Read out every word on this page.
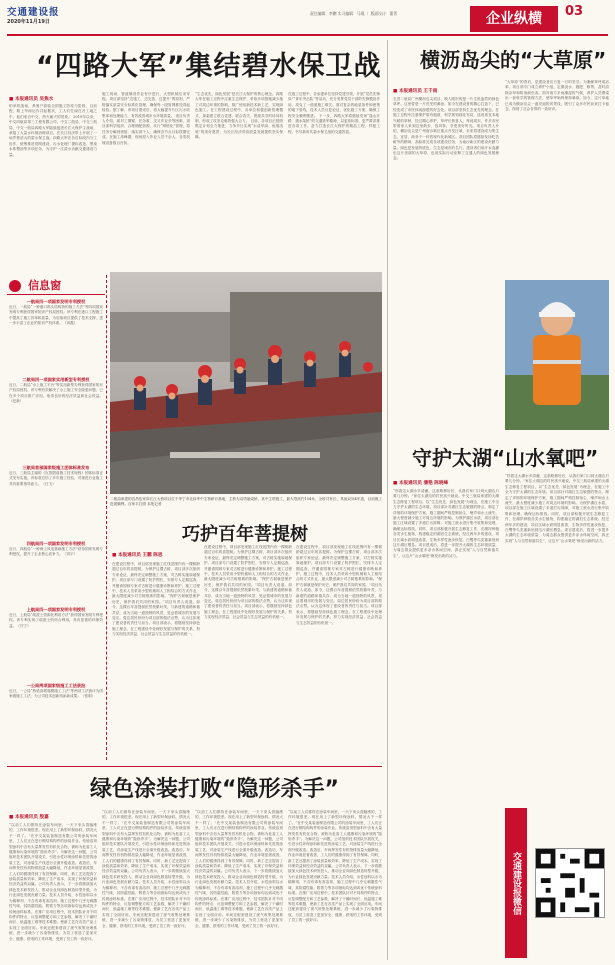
交通建设报
2020年11月19日
责任编辑：李鹏 实习编辑：马琨 ｜ 版面设计：董菁	企业纵横	03
“四路大军”集结碧水保卫战
■ 本报通讯员 吴焦水
柏举的战场，养殖户面临全国施工防疫与阶段，目前程，路上车间运作井起据状，工人们忙碌在各工地之中，他们来自中交，热火朝天的景象。 2019年以来，中交四航局第三工程有限公司、中交二航局、中交三航局、中交一航局四路大军陆续挺进长江大保护主战场，承接了大量水环境治理项目，在长江经济带上开展了一场声势浩大的碧水保卫战。四路大军在各自标段内分工协作，统筹推进管网建设、污水处理厂提标改造、黑臭水体整治等多项任务，为守护一江清水贡献交通建设力量。
施工现场，管道铺设作业有序进行，大型机械往来穿梭。项目部坚持“边施工、边完善、边提升”的原则，严格落实质量安全标准化管理，确保每一段管网都经得起检验。据了解，该项目建成后，将大幅提升片区污水收集率和处理能力，有效改善城市水环境质量。 项目负责人介绍，面对工期紧、任务重、交叉作业多等困难，项目部科学组织、合理调配资源，实行“网格化”管理，将任务分解到班组、落实到个人，确保各节点目标按期完成。在施工高峰期，现场投入作业人员千余人，各类机械设备数百台套。
“生态优先、绿色发展”是长江大保护的核心理念。四路大军在施工过程中注重生态保护，采取多项措施减少施工对周边环境的影响，推广使用新技术新工艺，实现绿色施工。在工程建设过程中，各单位积极创新管理模式，探索建立联合党建、联合攻关、资源共享的协同机制，形成了攻坚克难的强大合力。 目前，各项目正按照既定计划全力推进，力争早日实现“水清岸绿、鱼翔浅底”的美好愿景，为长江经济带高质量发展提供坚实保障。
在施工过程中，各参建单位坚持党建引领，开展“党员先锋岗”“青年突击队”等活动，充分发挥党员干部的先锋模范作用，攻克了一道道施工难关。面对复杂的地质条件和密集的地下管线，技术人员反复论证，优化施工方案，确保工程安全顺利推进。 下一步，四路大军将继续发扬“逢山开路、遇水架桥”的交通铁军精神，以更高标准、更严要求推进各项工作，奋力打造长江大保护的精品工程、样板工程，书写新时代碧水保卫战的交通答卷。
$^{信息窗}$
一航局四一项国家发明专利授权
近日，一航局“一种港口码头结构物的施工方法”等四项国家发明专利获得国家知识产权局授权。该专利在港口工程施工中提高了施工效率和质量，为后续项目提供了技术支撑，进一步丰富了企业的知识产权体系。（刘磊）
二航局四一项国家实用新型专利授权
近日，二航局“水上施工平台”等实用新型专利获得国家知识产权局授权。该专利有效解决了水上施工安全隐患问题，已在多个项目推广应用，取得良好的经济效益和社会效益。（纪新）
三航局首部国家级施工团体标准发布
近日，三航局主编的《沉管隧道施工技术规程》团体标准正式发布实施。该标准总结了多年施工经验，对规范行业施工具有重要指导意义。（汪飞）
四航局四一项国家发明专利授权
近日，四航局“一种海上风电基础施工方法”获得国家发明专利授权，提升了企业核心竞争力。（刘宇）
上航局四一项国家发明专利授权
近日，上航局“疏浚土资源化利用方法”获得国家发明专利授权。该专利实现了疏浚土的综合利用，具有显著的环保效益。（吕宁）
一公局两项国家级施工工法获批
近日，一公局“桥梁高墩爬模施工工法”等两项工法被评为国家级施工工法，为公司技术创新再添新成果。（张明）
二航局承建的宜昌伍家岗长江大桥项目位于华宁市北纬华中生物研讨基地，主桥为双塔悬索桥，其中主塔施工，最大塔高约154米，全桥共有长，具备双向4车道，目前施工进展顺利。百家丰打照 本报记者
巧护百年菩提树
■ 本报通讯员 王鹏 陈思
在建设过程中，项目部发现施工红线范围内有一棵树龄超过百年的菩提树。为保护这棵古树，项目部多次组织专家论证，最终决定调整施工方案，对古树实施原地保护。项目部专门设置了防护围栏，安排专人定期巡查，并邀请园林专家对古树进行健康诊断和养护。施工过程中，技术人员采用小型机械和人工相结合的方式作业，最大限度减少对古树根系的影响。“保护古树就是保护历史，保护我们共同的家园。”项目负责人说道。如今，这棵百年菩提树依然枝繁叶茂，与新建的道路和谐共存，成为当地一道独特的风景，见证着城市的发展与变迁。周边居民纷纷为项目部的做法点赞，认为这体现了建设者的责任与担当。项目部表示，将继续坚持绿色施工理念，在工程建设中处理好发展与保护的关系，努力实现经济效益、社会效益与生态效益的有机统一。
在建设过程中，项目部发现施工红线范围内有一棵树龄超过百年的菩提树。为保护这棵古树，项目部多次组织专家论证，最终决定调整施工方案，对古树实施原地保护。项目部专门设置了防护围栏，安排专人定期巡查，并邀请园林专家对古树进行健康诊断和养护。施工过程中，技术人员采用小型机械和人工相结合的方式作业，最大限度减少对古树根系的影响。“保护古树就是保护历史，保护我们共同的家园。”项目负责人说道。如今，这棵百年菩提树依然枝繁叶茂，与新建的道路和谐共存，成为当地一道独特的风景，见证着城市的发展与变迁。周边居民纷纷为项目部的做法点赞，认为这体现了建设者的责任与担当。项目部表示，将继续坚持绿色施工理念，在工程建设中处理好发展与保护的关系，努力实现经济效益、社会效益与生态效益的有机统一。
在建设过程中，项目部发现施工红线范围内有一棵树龄超过百年的菩提树。为保护这棵古树，项目部多次组织专家论证，最终决定调整施工方案，对古树实施原地保护。项目部专门设置了防护围栏，安排专人定期巡查，并邀请园林专家对古树进行健康诊断和养护。施工过程中，技术人员采用小型机械和人工相结合的方式作业，最大限度减少对古树根系的影响。“保护古树就是保护历史，保护我们共同的家园。”项目负责人说道。如今，这棵百年菩提树依然枝繁叶茂，与新建的道路和谐共存，成为当地一道独特的风景，见证着城市的发展与变迁。周边居民纷纷为项目部的做法点赞，认为这体现了建设者的责任与担当。项目部表示，将继续坚持绿色施工理念，在工程建设中处理好发展与保护的关系，努力实现经济效益、社会效益与生态效益的有机统一。
横沥岛尖的“大草原”
■ 本报通讯员 王千雨
走进二航局广州横沥岛尖项目，映入眼帘的是一片生机盎然的绿色草坪。这里曾是一片荒芜的滩涂，如今在建设者的精心打造下，已经变成了市民休闲游憩的好去处。项目部坚持生态优先的理念，在施工过程中注重保护原有植被，科学规划绿化布局，选用适宜本地气候的草种，经过精心养护，草坪长势喜人。每到周末，许多市民带着家人来到这里散步、放风筝，享受美好时光。项目负责人介绍，横沥岛尖是广州南沙新区重点开发区域，未来将建设成为集生态、宜居、商务于一体的现代化新城区。项目团队将继续发扬吃苦耐劳的精神，高标准完成各项建设任务，为南沙新区的建设贡献力量。绿色是发展的底色，生态是城市的名片。建设者们用汗水浇灌出这片美丽的大草原，也用实际行动诠释了交通人的绿色发展理念。
“大草原”的背后，是建设者们日复一日的坚守。为确保草坪成活率，项目部专门成立养护小组，定期浇水、施肥、修剪，及时清除杂草和防治病虫害。面对南方多雨潮湿的气候，养护人员摸索出一套科学的管理方法，使草坪始终保持翠绿。如今，这片草地已成为横沥岛尖一道亮丽的风景线，吸引了众多市民前来打卡留念，得到了社会各界的一致好评。
守护太湖“山水氧吧”
■ 本报通讯员 潘艳 陈晓峰
“你看这太湖水多清澈，这条路修好后，从我们家门口到太湖边只要几分钟。”家住太湖边的村民高兴地说。中交三航局承建的太湖生态修复工程项目，以“生态优先、绿色发展”为理念，在施工中全力守护太湖的生态环境。项目部针对湖区生态敏感的特点，制定了详细的环境保护方案，施工期间严格控制扬尘、噪声和水土流失，最大程度减少施工对周边环境的影响。为保护湖区水质，项目部在施工区域设置了多道拦污屏障，对施工废水进行集中收集和处理，确保达标排放。同时，项目部积极开展生态修复工作，在湖岸种植各类水生植物，构建稳定的湖泊生态系统。经过两年多的建设，项目区域水质明显改善，生物多样性逐步恢复，白鹭等鸟类重新回到这片湖区栖息。项目建成后，将进一步提升太湖的生态环境质量，为周边群众提供更多亲水休闲空间，真正实现“人与自然和谐共生”，让这片“山水氧吧”焕发出新的活力。
“你看这太湖水多清澈，这条路修好后，从我们家门口到太湖边只要几分钟。”家住太湖边的村民高兴地说。中交三航局承建的太湖生态修复工程项目，以“生态优先、绿色发展”为理念，在施工中全力守护太湖的生态环境。项目部针对湖区生态敏感的特点，制定了详细的环境保护方案，施工期间严格控制扬尘、噪声和水土流失，最大程度减少施工对周边环境的影响。为保护湖区水质，项目部在施工区域设置了多道拦污屏障，对施工废水进行集中收集和处理，确保达标排放。同时，项目部积极开展生态修复工作，在湖岸种植各类水生植物，构建稳定的湖泊生态系统。经过两年多的建设，项目区域水质明显改善，生物多样性逐步恢复，白鹭等鸟类重新回到这片湖区栖息。项目建成后，将进一步提升太湖的生态环境质量，为周边群众提供更多亲水休闲空间，真正实现“人与自然和谐共生”，让这片“山水氧吧”焕发出新的活力。
交通建设报微信
绿色涂装打败“隐形杀手”
■ 本报通讯员 殷嘉
“以前工人们都待在涂装车间里，一天下来头昏脑涨的，工作环境很差。现在用上了新型环保涂料，情况大不一样了。”在中交某装备制造有限公司的涂装车间里，工人们正在进行钢结构构件的涂装作业。传统溶剂型涂料中含有大量挥发性有机化合物，被称为危害工人健康和污染环境的“隐形杀手”。为解决这一问题，公司组织技术团队开展攻关，引进水性环保涂料和先进的涂装工艺，对涂装生产线进行全面升级改造。改造后，车间挥发性有机物排放量大幅降低，作业环境显著改善，工人们的健康得到了有效保障。同时，新工艺还提高了涂装质量和效率，降低了生产成本，实现了环保效益和经济效益的双赢。公司负责人表示，下一步将继续加大绿色技术研发投入，推动企业向绿色制造转型升级，为行业绿色发展贡献力量。技术人员介绍，水性涂料以水为稀释剂，不含有毒有害溶剂，施工过程中几乎无刺激性气味，其防腐性能、附着力等各项指标均达到或优于传统涂料标准。在推广应用过程中，技术团队针对不同构件的特点，反复调整配方和工艺参数，解决了干燥时间长、低温施工难等技术难题，使新工艺在各类产品上实现了全面应用。车间还配套建设了废气收集处理系统，进一步减少了污染物排放，为员工营造了更加安全、健康、舒适的工作环境，受到了员工的一致好评。
“以前工人们都待在涂装车间里，一天下来头昏脑涨的，工作环境很差。现在用上了新型环保涂料，情况大不一样了。”在中交某装备制造有限公司的涂装车间里，工人们正在进行钢结构构件的涂装作业。传统溶剂型涂料中含有大量挥发性有机化合物，被称为危害工人健康和污染环境的“隐形杀手”。为解决这一问题，公司组织技术团队开展攻关，引进水性环保涂料和先进的涂装工艺，对涂装生产线进行全面升级改造。改造后，车间挥发性有机物排放量大幅降低，作业环境显著改善，工人们的健康得到了有效保障。同时，新工艺还提高了涂装质量和效率，降低了生产成本，实现了环保效益和经济效益的双赢。公司负责人表示，下一步将继续加大绿色技术研发投入，推动企业向绿色制造转型升级，为行业绿色发展贡献力量。技术人员介绍，水性涂料以水为稀释剂，不含有毒有害溶剂，施工过程中几乎无刺激性气味，其防腐性能、附着力等各项指标均达到或优于传统涂料标准。在推广应用过程中，技术团队针对不同构件的特点，反复调整配方和工艺参数，解决了干燥时间长、低温施工难等技术难题，使新工艺在各类产品上实现了全面应用。车间还配套建设了废气收集处理系统，进一步减少了污染物排放，为员工营造了更加安全、健康、舒适的工作环境，受到了员工的一致好评。
“以前工人们都待在涂装车间里，一天下来头昏脑涨的，工作环境很差。现在用上了新型环保涂料，情况大不一样了。”在中交某装备制造有限公司的涂装车间里，工人们正在进行钢结构构件的涂装作业。传统溶剂型涂料中含有大量挥发性有机化合物，被称为危害工人健康和污染环境的“隐形杀手”。为解决这一问题，公司组织技术团队开展攻关，引进水性环保涂料和先进的涂装工艺，对涂装生产线进行全面升级改造。改造后，车间挥发性有机物排放量大幅降低，作业环境显著改善，工人们的健康得到了有效保障。同时，新工艺还提高了涂装质量和效率，降低了生产成本，实现了环保效益和经济效益的双赢。公司负责人表示，下一步将继续加大绿色技术研发投入，推动企业向绿色制造转型升级，为行业绿色发展贡献力量。技术人员介绍，水性涂料以水为稀释剂，不含有毒有害溶剂，施工过程中几乎无刺激性气味，其防腐性能、附着力等各项指标均达到或优于传统涂料标准。在推广应用过程中，技术团队针对不同构件的特点，反复调整配方和工艺参数，解决了干燥时间长、低温施工难等技术难题，使新工艺在各类产品上实现了全面应用。车间还配套建设了废气收集处理系统，进一步减少了污染物排放，为员工营造了更加安全、健康、舒适的工作环境，受到了员工的一致好评。
“以前工人们都待在涂装车间里，一天下来头昏脑涨的，工作环境很差。现在用上了新型环保涂料，情况大不一样了。”在中交某装备制造有限公司的涂装车间里，工人们正在进行钢结构构件的涂装作业。传统溶剂型涂料中含有大量挥发性有机化合物，被称为危害工人健康和污染环境的“隐形杀手”。为解决这一问题，公司组织技术团队开展攻关，引进水性环保涂料和先进的涂装工艺，对涂装生产线进行全面升级改造。改造后，车间挥发性有机物排放量大幅降低，作业环境显著改善，工人们的健康得到了有效保障。同时，新工艺还提高了涂装质量和效率，降低了生产成本，实现了环保效益和经济效益的双赢。公司负责人表示，下一步将继续加大绿色技术研发投入，推动企业向绿色制造转型升级，为行业绿色发展贡献力量。技术人员介绍，水性涂料以水为稀释剂，不含有毒有害溶剂，施工过程中几乎无刺激性气味，其防腐性能、附着力等各项指标均达到或优于传统涂料标准。在推广应用过程中，技术团队针对不同构件的特点，反复调整配方和工艺参数，解决了干燥时间长、低温施工难等技术难题，使新工艺在各类产品上实现了全面应用。车间还配套建设了废气收集处理系统，进一步减少了污染物排放，为员工营造了更加安全、健康、舒适的工作环境，受到了员工的一致好评。
